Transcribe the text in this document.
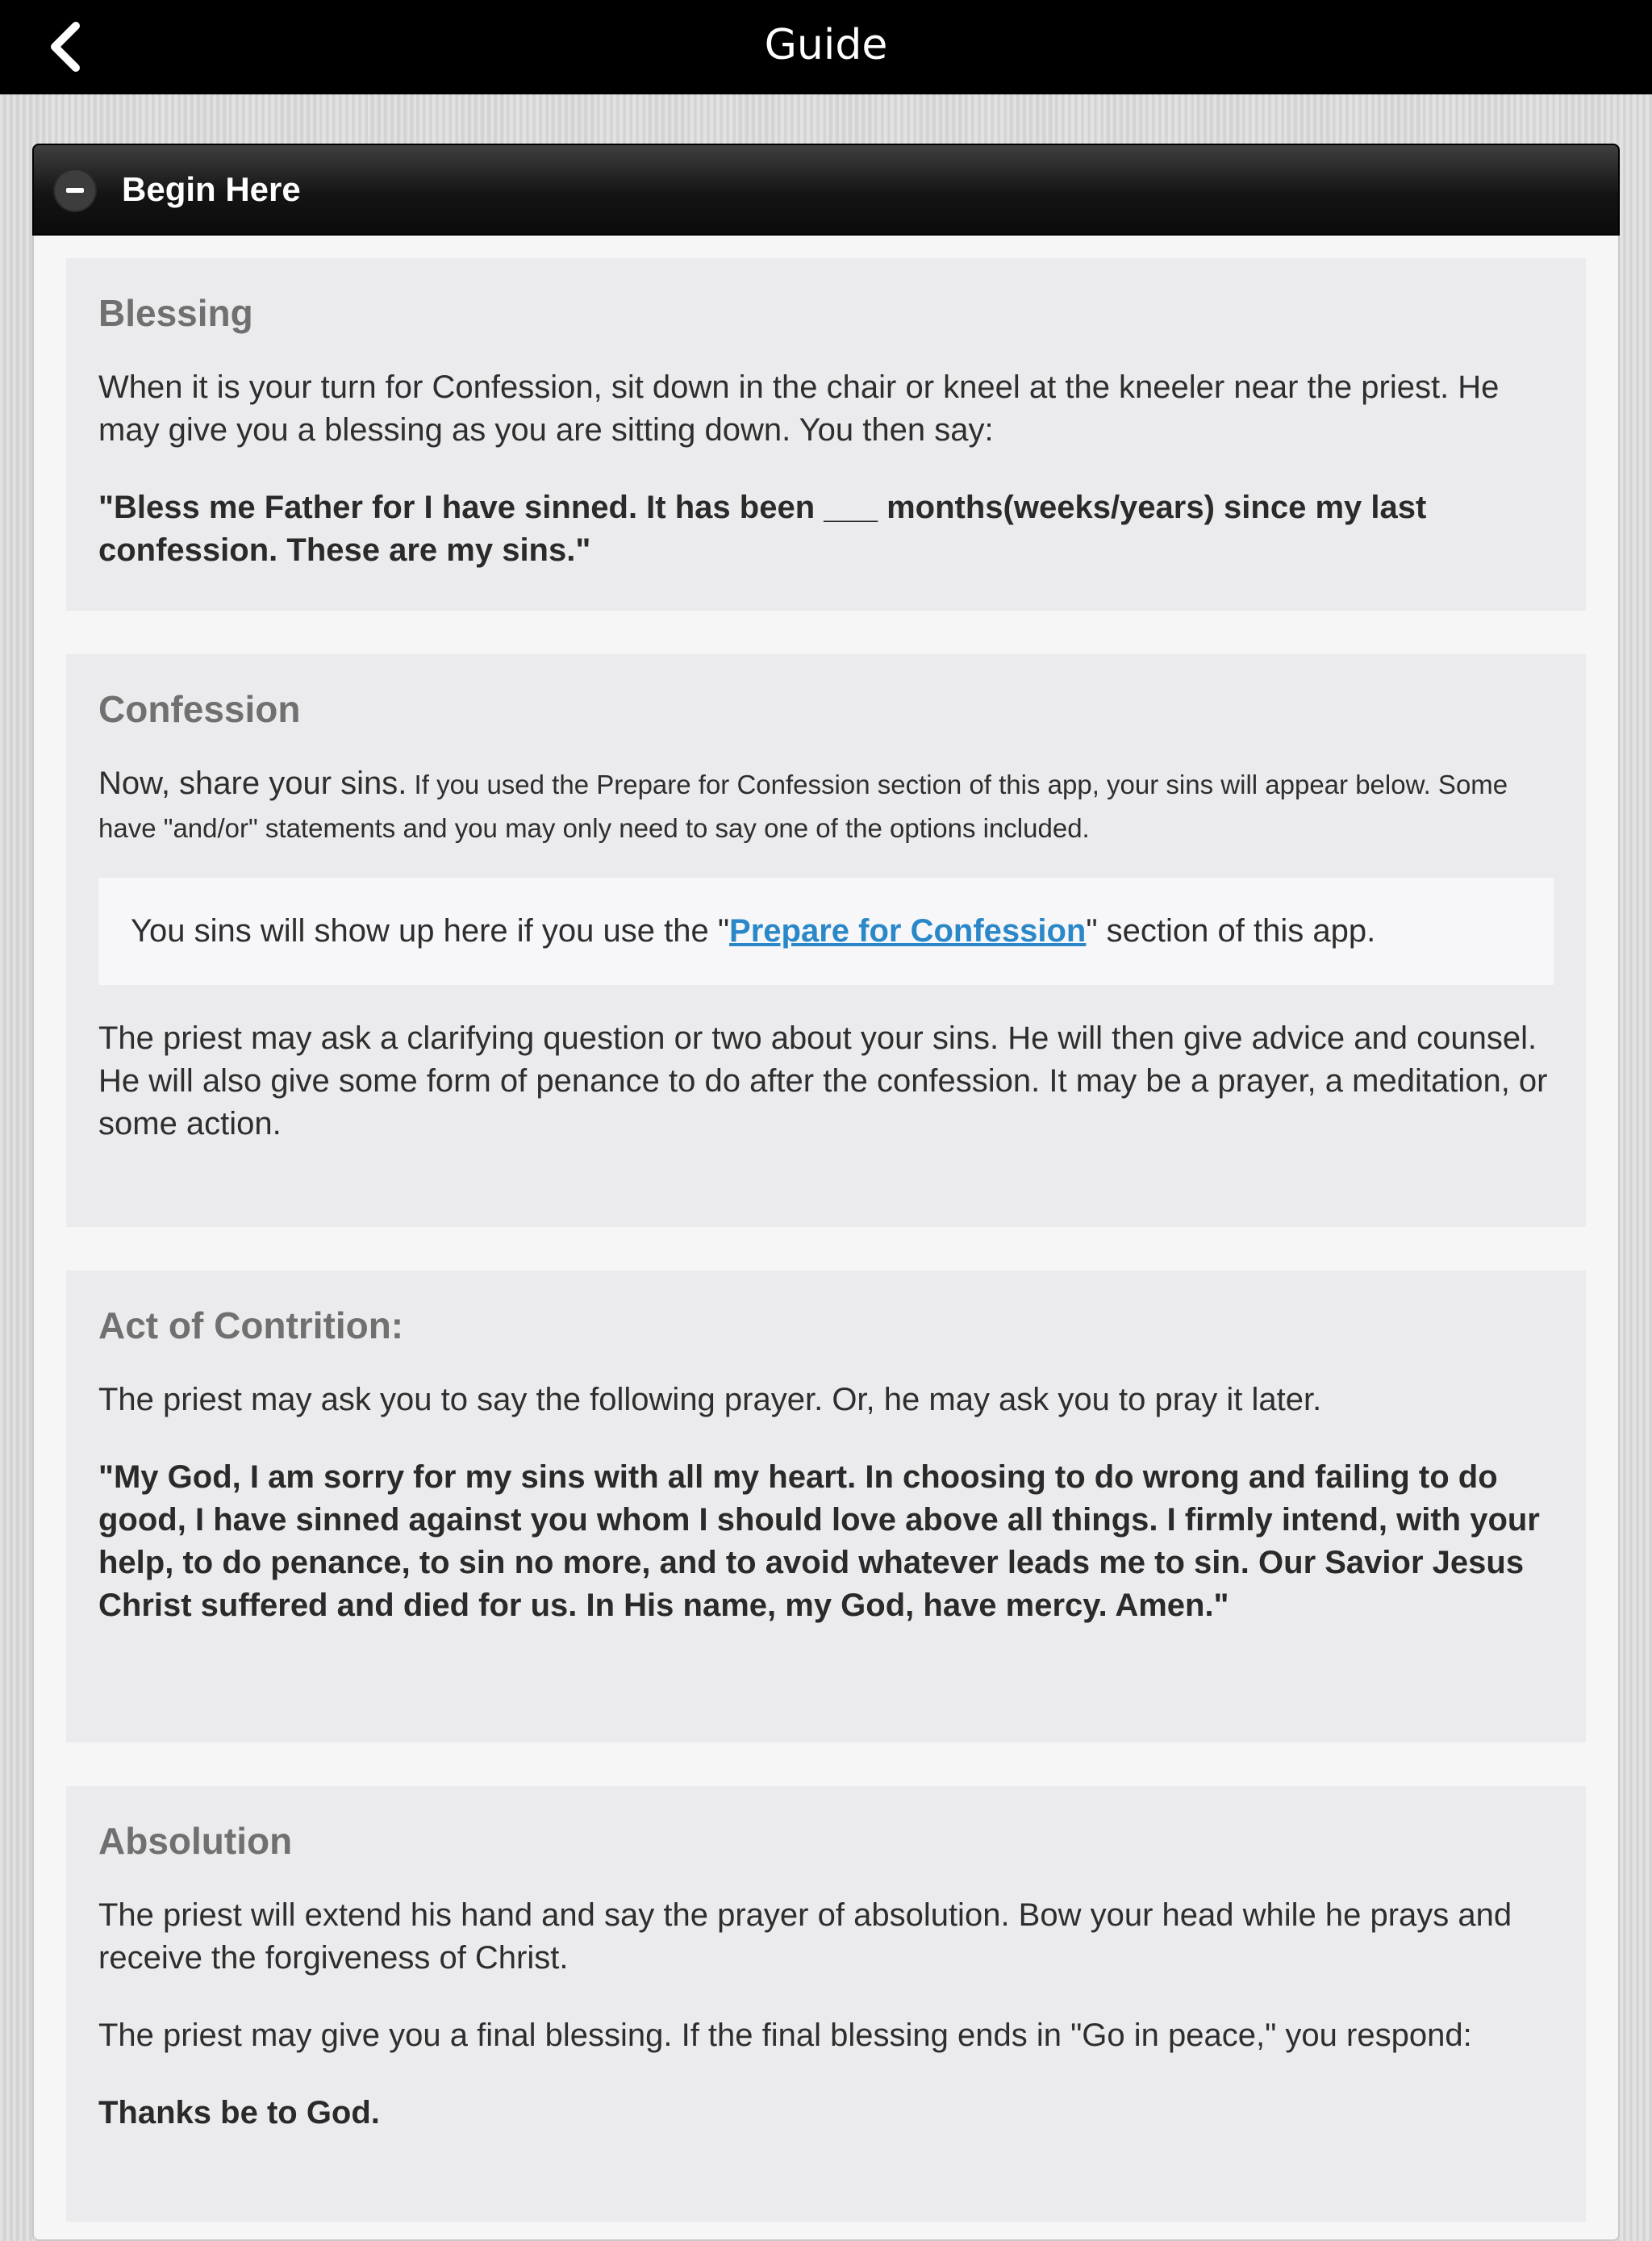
Guide
Begin Here
Blessing

When it is your turn for Confession, sit down in the chair or kneel at the kneeler near the priest. He may give you a blessing as you are sitting down. You then say:

"Bless me Father for I have sinned. It has been ___ months(weeks/years) since my last confession. These are my sins."

Confession

Now, share your sins. If you used the Prepare for Confession section of this app, your sins will appear below. Some have "and/or" statements and you may only need to say one of the options included.

You sins will show up here if you use the "Prepare for Confession" section of this app.

The priest may ask a clarifying question or two about your sins. He will then give advice and counsel. He will also give some form of penance to do after the confession. It may be a prayer, a meditation, or some action.

Act of Contrition:

The priest may ask you to say the following prayer. Or, he may ask you to pray it later.

"My God, I am sorry for my sins with all my heart. In choosing to do wrong and failing to do good, I have sinned against you whom I should love above all things. I firmly intend, with your help, to do penance, to sin no more, and to avoid whatever leads me to sin. Our Savior Jesus Christ suffered and died for us. In His name, my God, have mercy. Amen."

Absolution

The priest will extend his hand and say the prayer of absolution. Bow your head while he prays and receive the forgiveness of Christ.

The priest may give you a final blessing. If the final blessing ends in "Go in peace," you respond:

Thanks be to God.
